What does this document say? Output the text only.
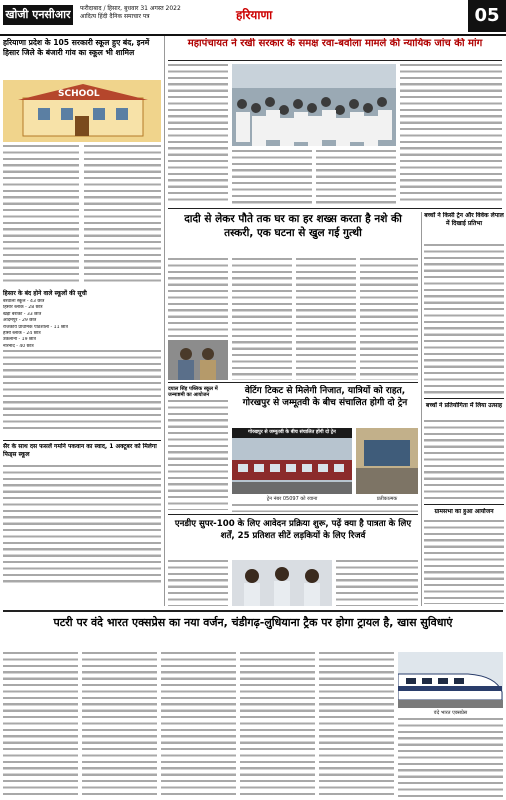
खोजी एनसीआर	फरीदाबाद / हिसार, बुधवार 31 अगस्त 2022
आदित्य हिंदी दैनिक समाचार पत्र	हरियाणा	05
हरियाणा प्रदेश के 105 सरकारी स्कूल हुए बंद, इनमें हिसार जिले के बंजारी गांव का स्कूल भी शामिल
SCHOOL
हिसार के बंद होने वाले स्कूलों की सूची
बरवाला स्कूल - 43 छात्र
हिसार ब्लॉक - 28 छात्र
खेड़ी बराकी - 33 छात्र
आदमपुर - 29 छात्र
राजकीय प्राथमिक पाठशाला - 11 छात्र
हांसी ब्लॉक - 24 छात्र
उकलाना - 19 छात्र
नारनौंद - 40 छात्र
सैर के साथ दस फसलें गर्माने पकवान का स्वाद, 1 अक्टूबर को मिलेगा फिड्स स्कूल
महापंचायत ने रखी सरकार के समक्ष रवा-बवोला मामले की न्यायिक जांच की मांग
दादी से लेकर पौते तक घर का हर शख्स करता है नशे की तस्करी, एक घटना से खुल गई गुत्थी
बच्चों ने किसी ट्रेन और विवेक लेपाल में दिखाई प्रतिभा
बच्चों ने प्रतियोगिता में लिया उत्साह
ग्रामसभा का हुआ आयोजन
दयाल सिंह पब्लिक स्कूल में जन्माष्टमी का आयोजन	वेटिंग टिकट से मिलेगी निजात, यात्रियों को राहत, गोरखपुर से जम्मूतवी के बीच संचालित होगी दो ट्रेन
गोरखपुर से जम्मूतवी के बीच संचालित होंगी दो ट्रेन
ट्रेन नंबर 05097 को रवाना	प्रतीकात्मक
एनडीए सुपर-100 के लिए आवेदन प्रक्रिया शुरू, पढ़ें क्या है पात्रता के लिए शर्तें, 25 प्रतिशत सीटें लड़कियों के लिए रिजर्व
पटरी पर वंदे भारत एक्सप्रेस का नया वर्जन, चंडीगढ़-लुधियाना ट्रैक पर होगा ट्रायल है, खास सुविधाएं
वंदे भारत एक्सप्रेस
